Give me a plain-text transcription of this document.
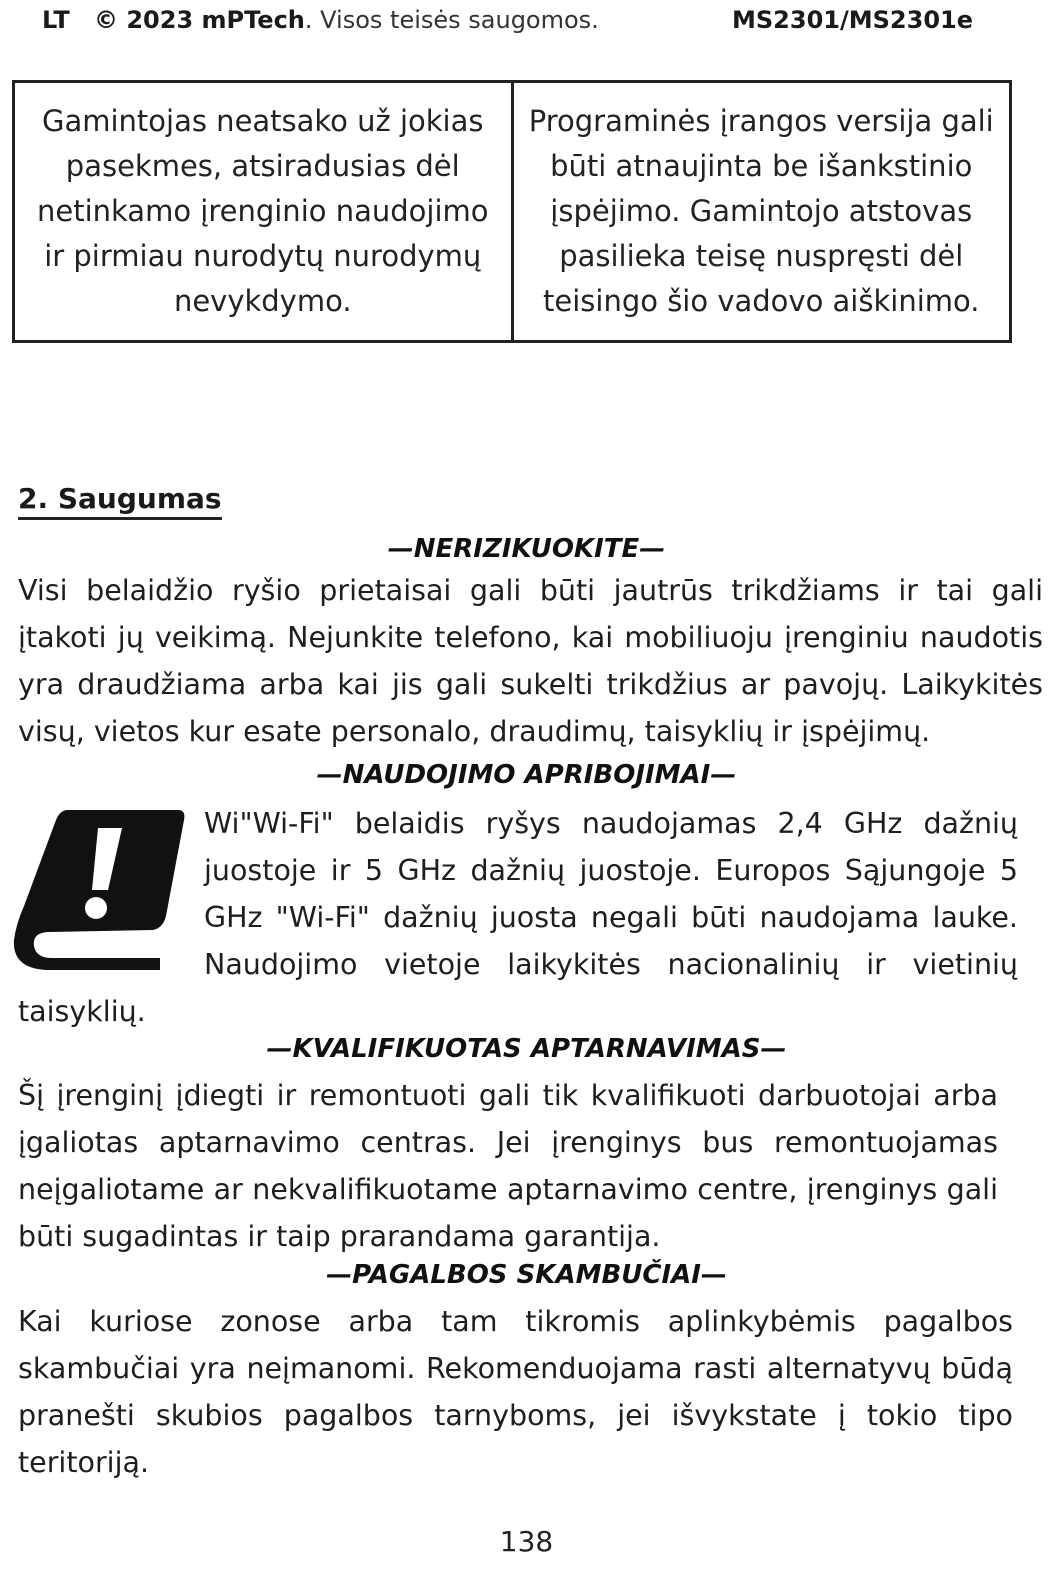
LT © 2023 mPTech. Visos teisės saugomos.	MS2301/MS2301e
Gamintojas neatsako už jokias pasekmes, atsiradusias dėl netinkamo įrenginio naudojimo ir pirmiau nurodytų nurodymų nevykdymo.
Programinės įrangos versija gali būti atnaujinta be išankstinio įspėjimo. Gamintojo atstovas pasilieka teisę nuspręsti dėl teisingo šio vadovo aiškinimo.
2. Saugumas
—NERIZIKUOKITE—

Visi belaidžio ryšio prietaisai gali būti jautrūs trikdžiams ir tai gali įtakoti jų veikimą. Nejunkite telefono, kai mobiliuoju įrenginiu naudotis yra draudžiama arba kai jis gali sukelti trikdžius ar pavojų. Laikykitės visų, vietos kur esate personalo, draudimų, taisyklių ir įspėjimų.

—NAUDOJIMO APRIBOJIMAI—

Wi"Wi-Fi" belaidis ryšys naudojamas 2,4 GHz dažnių juostoje ir 5 GHz dažnių juostoje. Europos Sąjungoje 5 GHz "Wi-Fi" dažnių juosta negali būti naudojama lauke. Naudojimo vietoje laikykitės nacionalinių ir vietinių taisyklių.

—KVALIFIKUOTAS APTARNAVIMAS—

Šį įrenginį įdiegti ir remontuoti gali tik kvalifikuoti darbuotojai arba įgaliotas aptarnavimo centras. Jei įrenginys bus remontuojamas neįgaliotame ar nekvalifikuotame aptarnavimo centre, įrenginys gali būti sugadintas ir taip prarandama garantija.

—PAGALBOS SKAMBUČIAI—

Kai kuriose zonose arba tam tikromis aplinkybėmis pagalbos skambučiai yra neįmanomi. Rekomenduojama rasti alternatyvų būdą pranešti skubios pagalbos tarnyboms, jei išvykstate į tokio tipo teritoriją.

138
